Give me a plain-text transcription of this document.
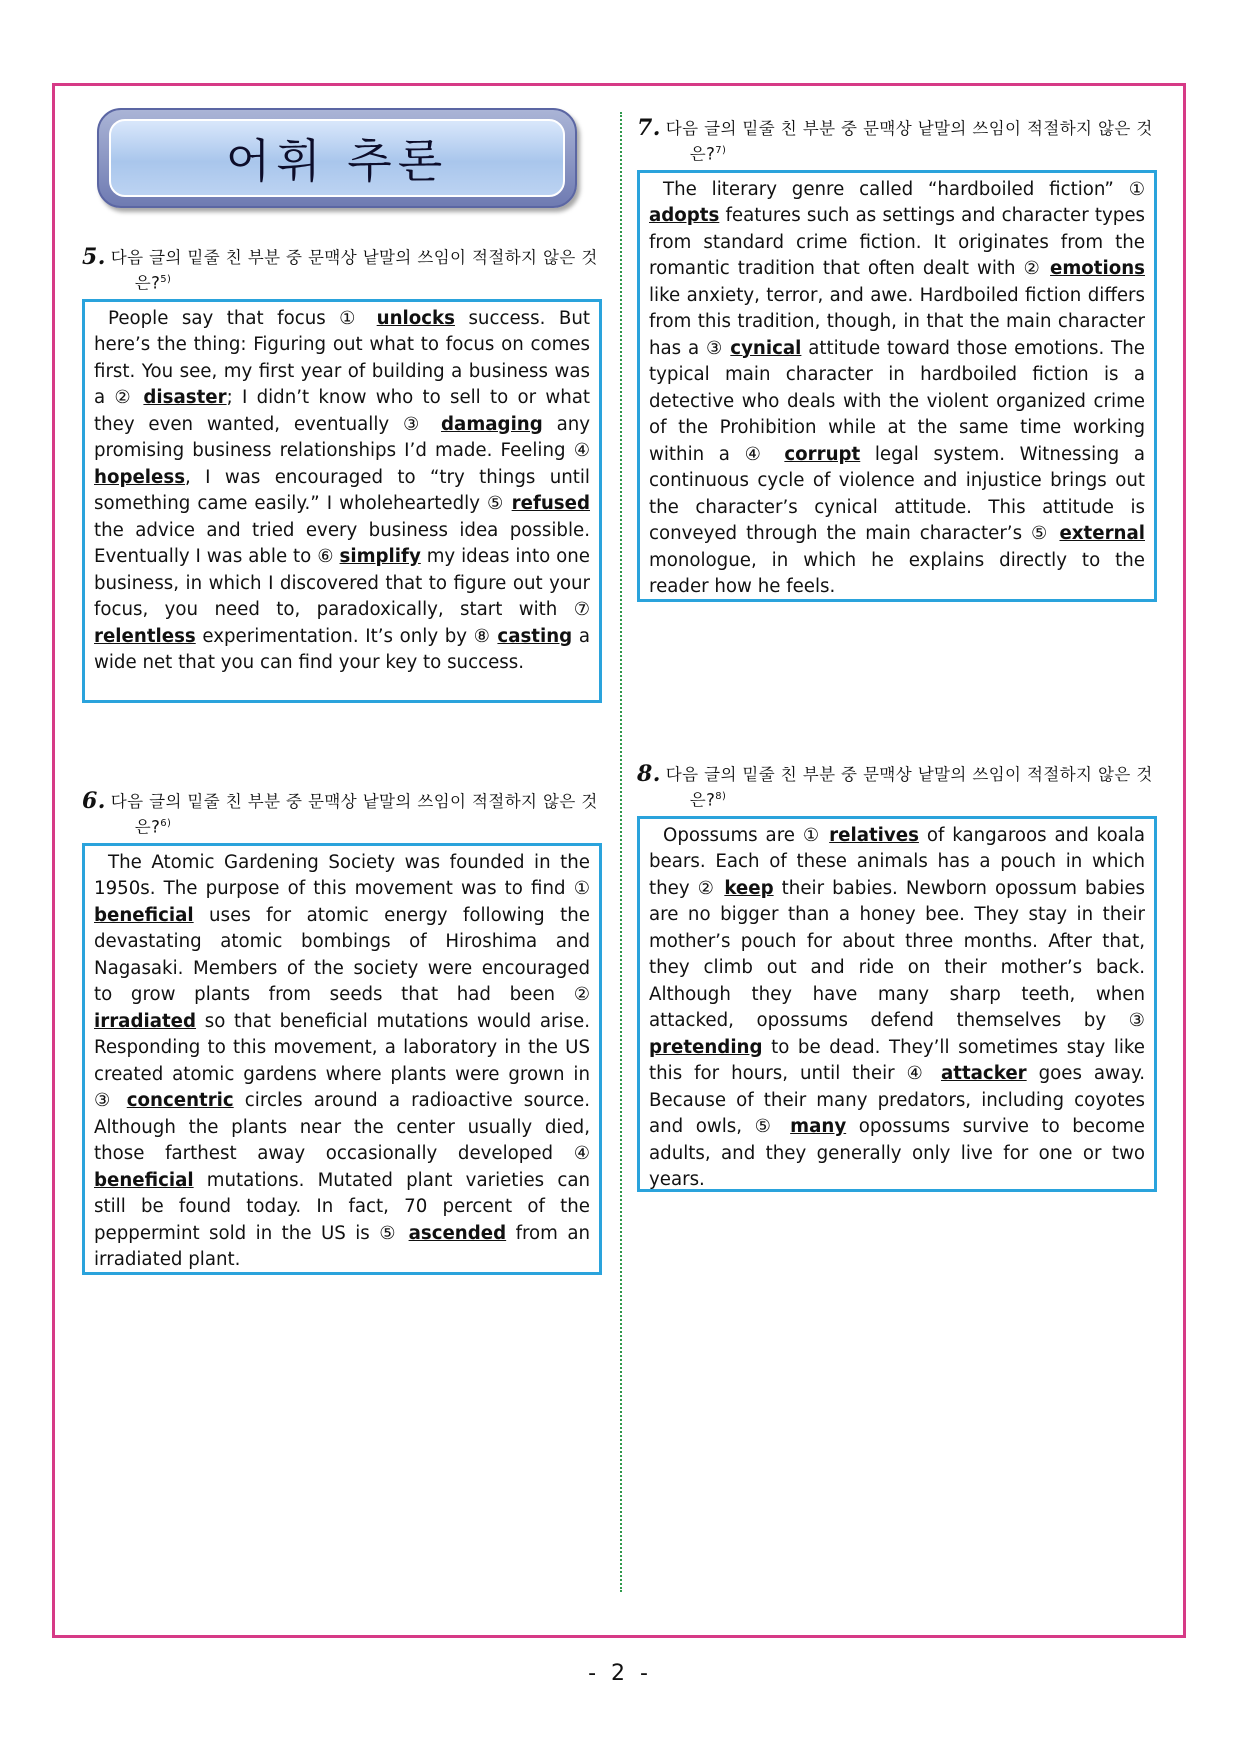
어휘 추론
5. 다음 글의 밑줄 친 부분 중 문맥상 낱말의 쓰임이 적절하지 않은 것
은?$^{5)}$
People say that focus ① unlocks success. But here’s the thing: Figuring out what to focus on comes first. You see, my first year of building a business was a ② disaster; I didn’t know who to sell to or what they even wanted, eventually ③ damaging any promising business relationships I’d made. Feeling ④ hopeless, I was encouraged to “try things until something came easily.” I wholeheartedly ⑤ refused the advice and tried every business idea possible. Eventually I was able to ⑥ simplify my ideas into one business, in which I discovered that to figure out your focus, you need to, paradoxically, start with ⑦ relentless experimentation. It’s only by ⑧ casting a wide net that you can find your key to success.
6. 다음 글의 밑줄 친 부분 중 문맥상 낱말의 쓰임이 적절하지 않은 것
은?$^{6)}$
The Atomic Gardening Society was founded in the 1950s. The purpose of this movement was to find ① beneficial uses for atomic energy following the devastating atomic bombings of Hiroshima and Nagasaki. Members of the society were encouraged to grow plants from seeds that had been ② irradiated so that beneficial mutations would arise. Responding to this movement, a laboratory in the US created atomic gardens where plants were grown in ③ concentric circles around a radioactive source. Although the plants near the center usually died, those farthest away occasionally developed ④ beneficial mutations. Mutated plant varieties can still be found today. In fact, 70 percent of the peppermint sold in the US is ⑤ ascended from an irradiated plant.
7. 다음 글의 밑줄 친 부분 중 문맥상 낱말의 쓰임이 적절하지 않은 것
은?$^{7)}$
The literary genre called “hardboiled fiction” ① adopts features such as settings and character types from standard crime fiction. It originates from the romantic tradition that often dealt with ② emotions like anxiety, terror, and awe. Hardboiled fiction differs from this tradition, though, in that the main character has a ③ cynical attitude toward those emotions. The typical main character in hardboiled fiction is a detective who deals with the violent organized crime of the Prohibition while at the same time working within a ④ corrupt legal system. Witnessing a continuous cycle of violence and injustice brings out the character’s cynical attitude. This attitude is conveyed through the main character’s ⑤ external monologue, in which he explains directly to the reader how he feels.
8. 다음 글의 밑줄 친 부분 중 문맥상 낱말의 쓰임이 적절하지 않은 것
은?$^{8)}$
Opossums are ① relatives of kangaroos and koala bears. Each of these animals has a pouch in which they ② keep their babies. Newborn opossum babies are no bigger than a honey bee. They stay in their mother’s pouch for about three months. After that, they climb out and ride on their mother’s back. Although they have many sharp teeth, when attacked, opossums defend themselves by ③ pretending to be dead. They’ll sometimes stay like this for hours, until their ④ attacker goes away. Because of their many predators, including coyotes and owls, ⑤ many opossums survive to become adults, and they generally only live for one or two years.
- 2 -
